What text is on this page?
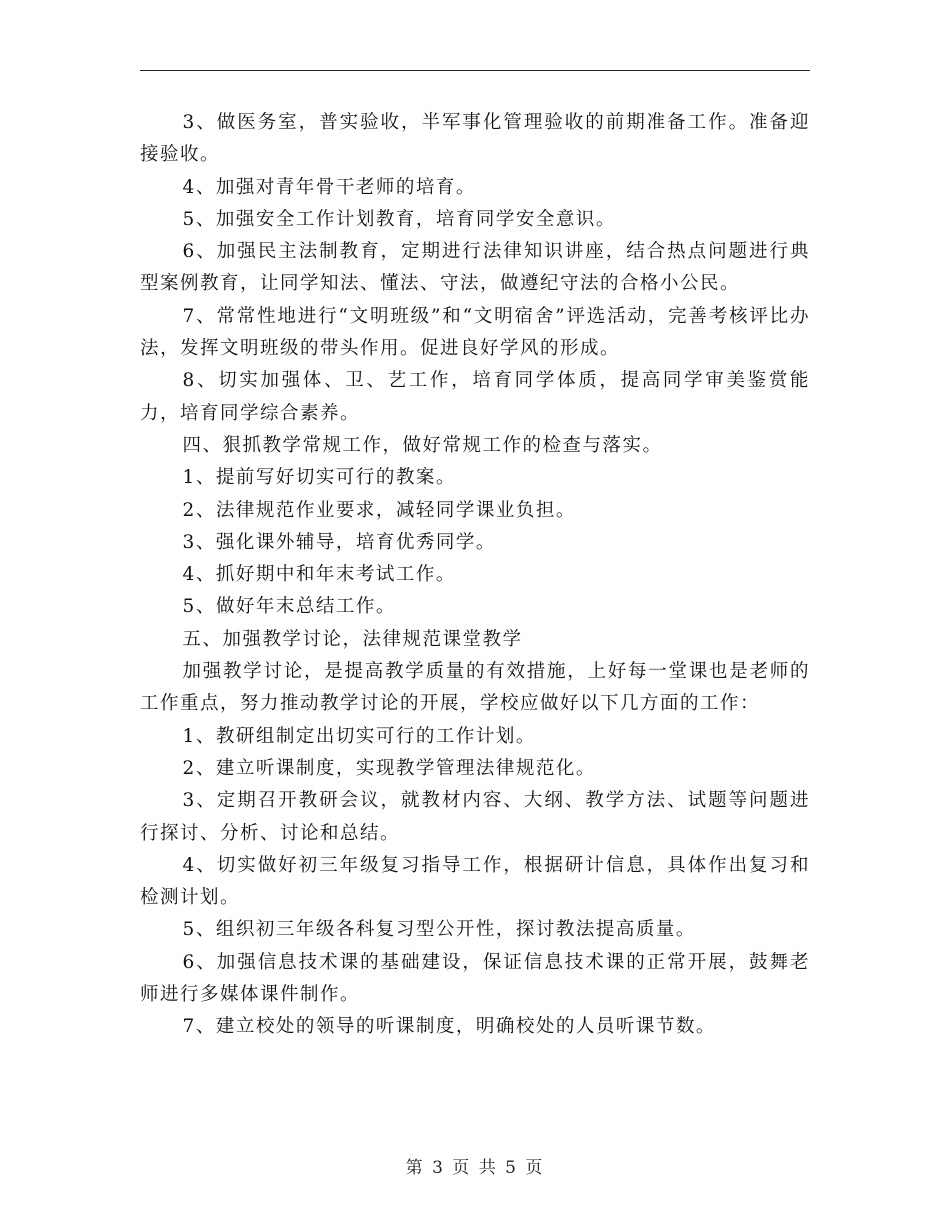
3、做医务室，普实验收，半军事化管理验收的前期准备工作。准备迎接验收。

4、加强对青年骨干老师的培育。

5、加强安全工作计划教育，培育同学安全意识。

6、加强民主法制教育，定期进行法律知识讲座，结合热点问题进行典型案例教育，让同学知法、懂法、守法，做遵纪守法的合格小公民。

7、常常性地进行“文明班级”和“文明宿舍”评选活动，完善考核评比办法，发挥文明班级的带头作用。促进良好学风的形成。

8、切实加强体、卫、艺工作，培育同学体质，提高同学审美鉴赏能力，培育同学综合素养。

四、狠抓教学常规工作，做好常规工作的检查与落实。

1、提前写好切实可行的教案。

2、法律规范作业要求，减轻同学课业负担。

3、强化课外辅导，培育优秀同学。

4、抓好期中和年末考试工作。

5、做好年末总结工作。

五、加强教学讨论，法律规范课堂教学

加强教学讨论，是提高教学质量的有效措施，上好每一堂课也是老师的工作重点，努力推动教学讨论的开展，学校应做好以下几方面的工作：

1、教研组制定出切实可行的工作计划。

2、建立听课制度，实现教学管理法律规范化。

3、定期召开教研会议，就教材内容、大纲、教学方法、试题等问题进行探讨、分析、讨论和总结。

4、切实做好初三年级复习指导工作，根据研计信息，具体作出复习和检测计划。

5、组织初三年级各科复习型公开性，探讨教法提高质量。

6、加强信息技术课的基础建设，保证信息技术课的正常开展，鼓舞老师进行多媒体课件制作。

7、建立校处的领导的听课制度，明确校处的人员听课节数。

第 3 页 共 5 页
